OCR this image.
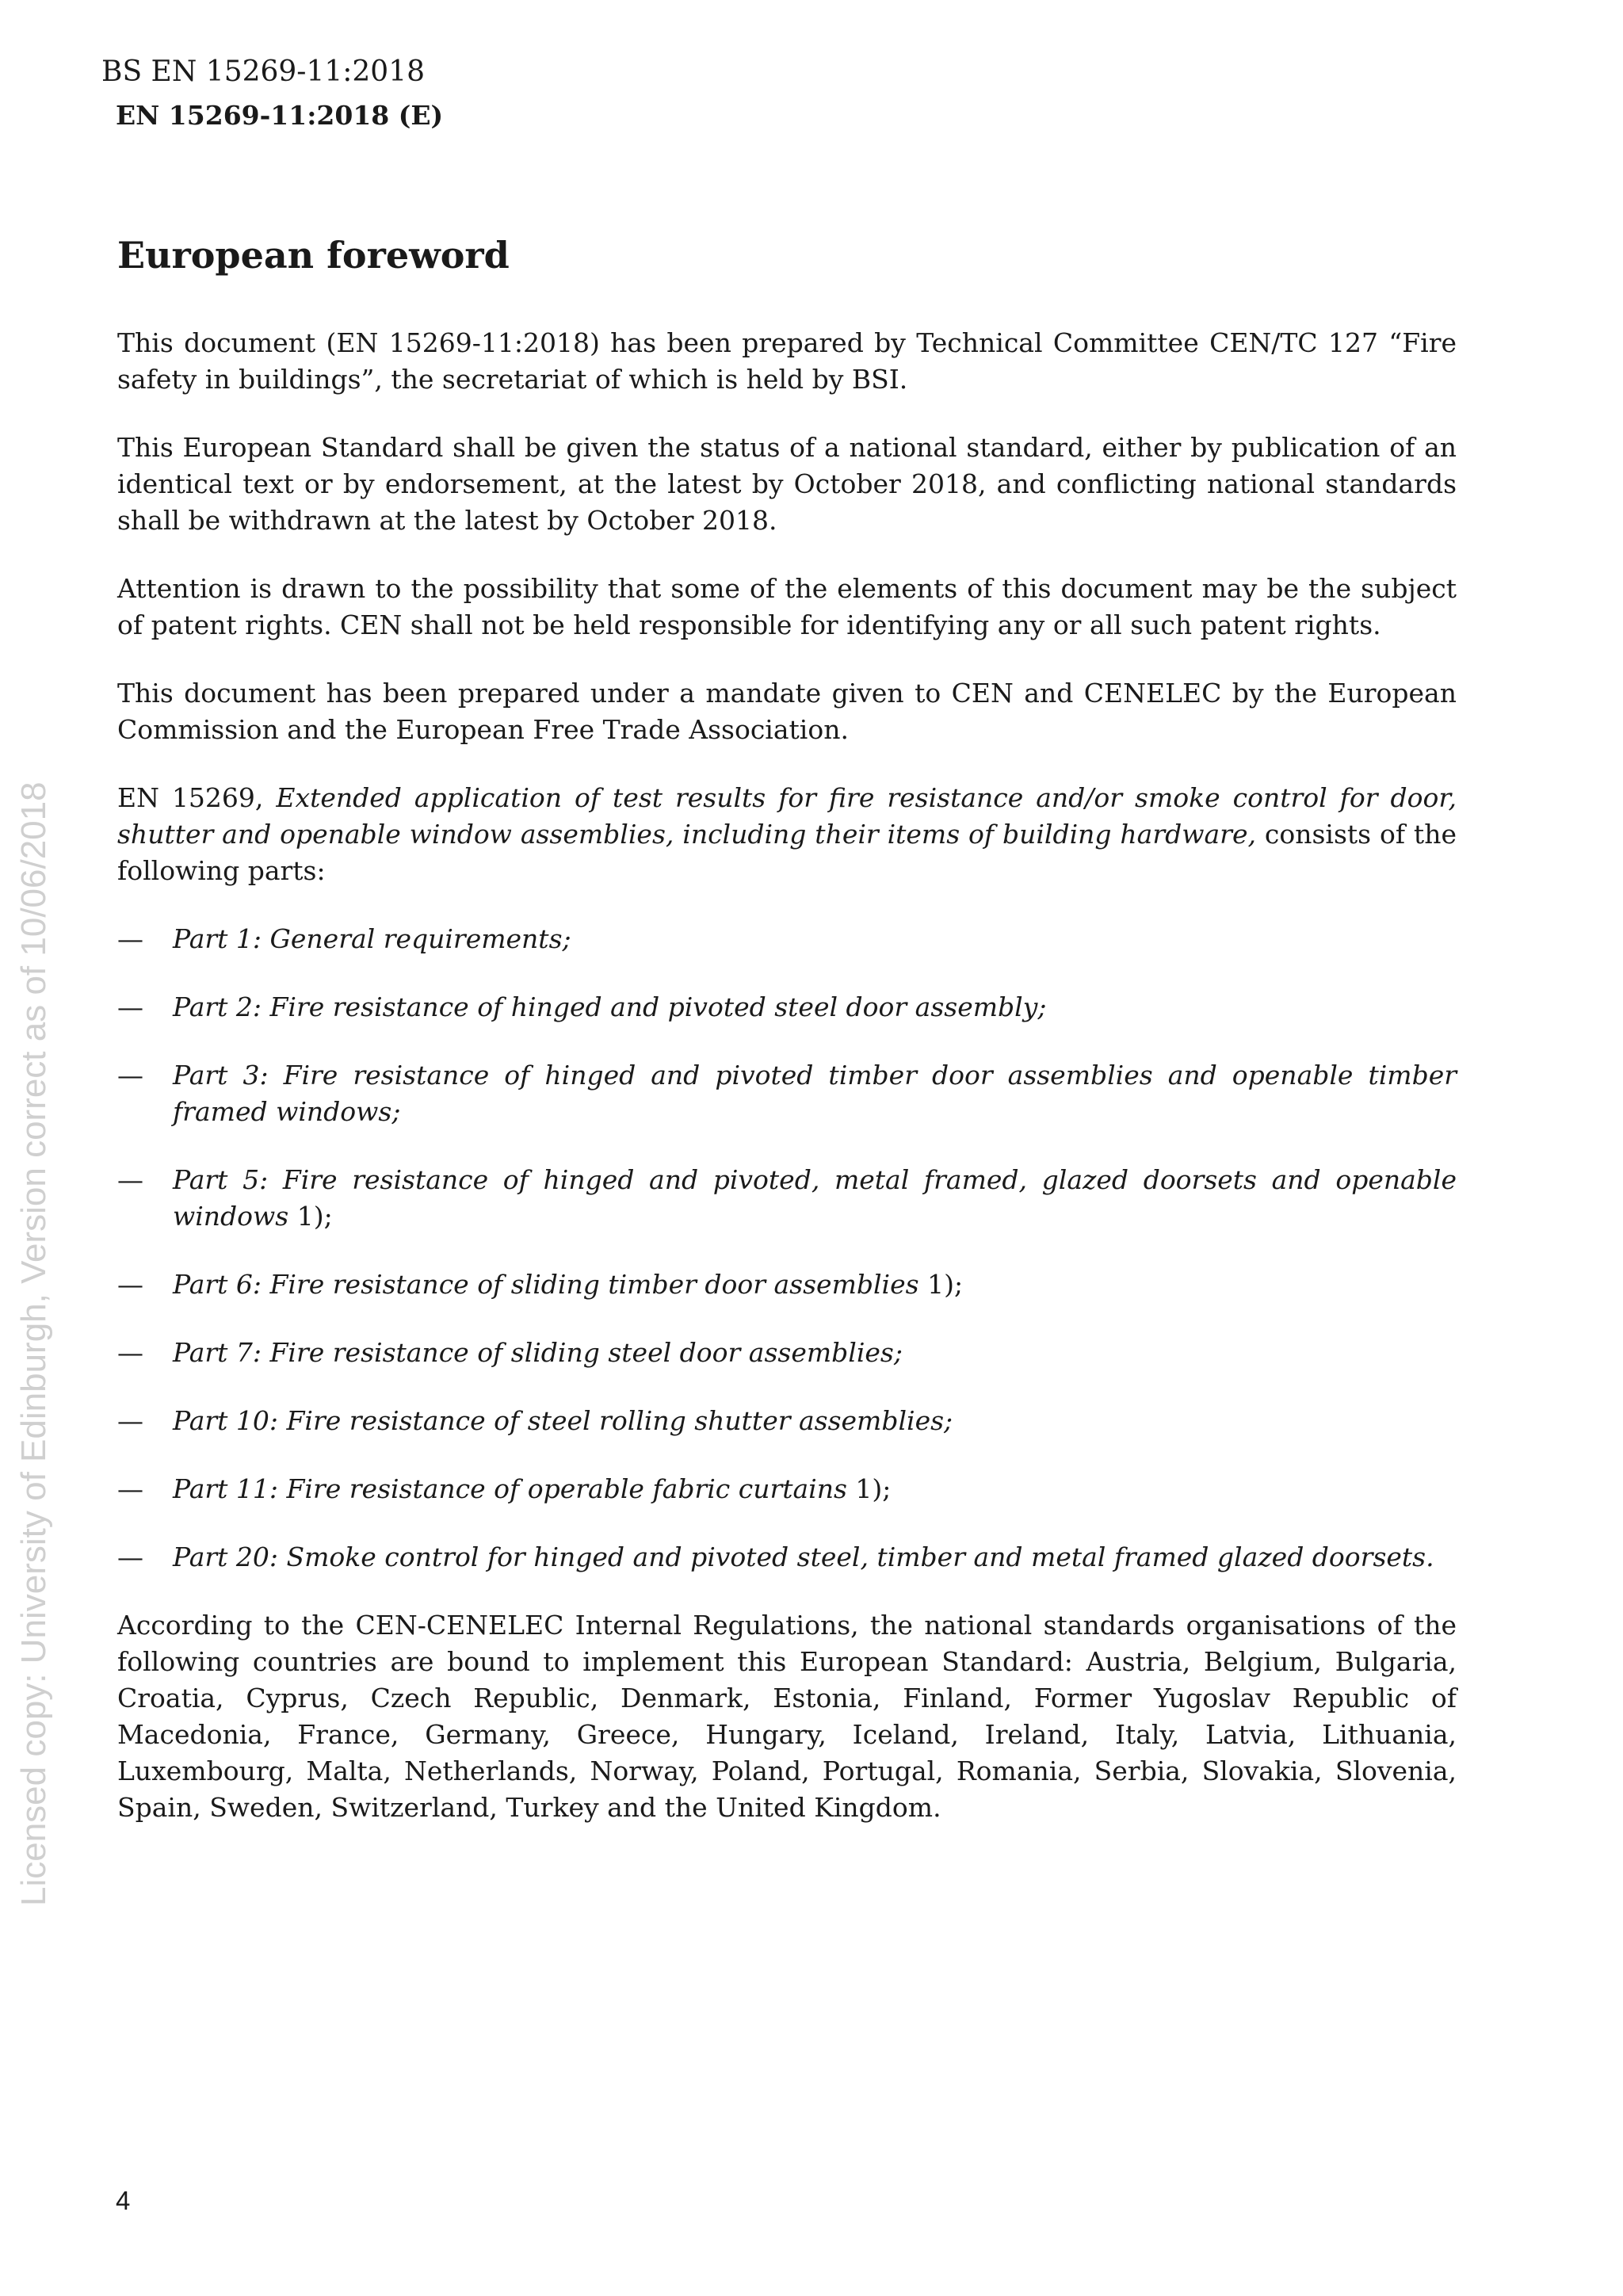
BS EN 15269-11:2018
EN 15269-11:2018 (E)
Licensed copy: University of Edinburgh, Version correct as of 10/06/2018
European foreword

This document (EN 15269-11:2018) has been prepared by Technical Committee CEN/TC 127 “Fire safety in buildings”, the secretariat of which is held by BSI.

This European Standard shall be given the status of a national standard, either by publication of an identical text or by endorsement, at the latest by October 2018, and conflicting national standards shall be withdrawn at the latest by October 2018.

Attention is drawn to the possibility that some of the elements of this document may be the subject of patent rights. CEN shall not be held responsible for identifying any or all such patent rights.

This document has been prepared under a mandate given to CEN and CENELEC by the European Commission and the European Free Trade Association.

EN 15269, Extended application of test results for fire resistance and/or smoke control for door, shutter and openable window assemblies, including their items of building hardware, consists of the following parts:

— Part 1: General requirements;
— Part 2: Fire resistance of hinged and pivoted steel door assembly;
— Part 3: Fire resistance of hinged and pivoted timber door assemblies and openable timber framed windows;
— Part 5: Fire resistance of hinged and pivoted, metal framed, glazed doorsets and openable windows 1);
— Part 6: Fire resistance of sliding timber door assemblies 1);
— Part 7: Fire resistance of sliding steel door assemblies;
— Part 10: Fire resistance of steel rolling shutter assemblies;
— Part 11: Fire resistance of operable fabric curtains 1);
— Part 20: Smoke control for hinged and pivoted steel, timber and metal framed glazed doorsets.

According to the CEN-CENELEC Internal Regulations, the national standards organisations of the following countries are bound to implement this European Standard: Austria, Belgium, Bulgaria, Croatia, Cyprus, Czech Republic, Denmark, Estonia, Finland, Former Yugoslav Republic of Macedonia, France, Germany, Greece, Hungary, Iceland, Ireland, Italy, Latvia, Lithuania, Luxembourg, Malta, Netherlands, Norway, Poland, Portugal, Romania, Serbia, Slovakia, Slovenia, Spain, Sweden, Switzerland, Turkey and the United Kingdom.

4
